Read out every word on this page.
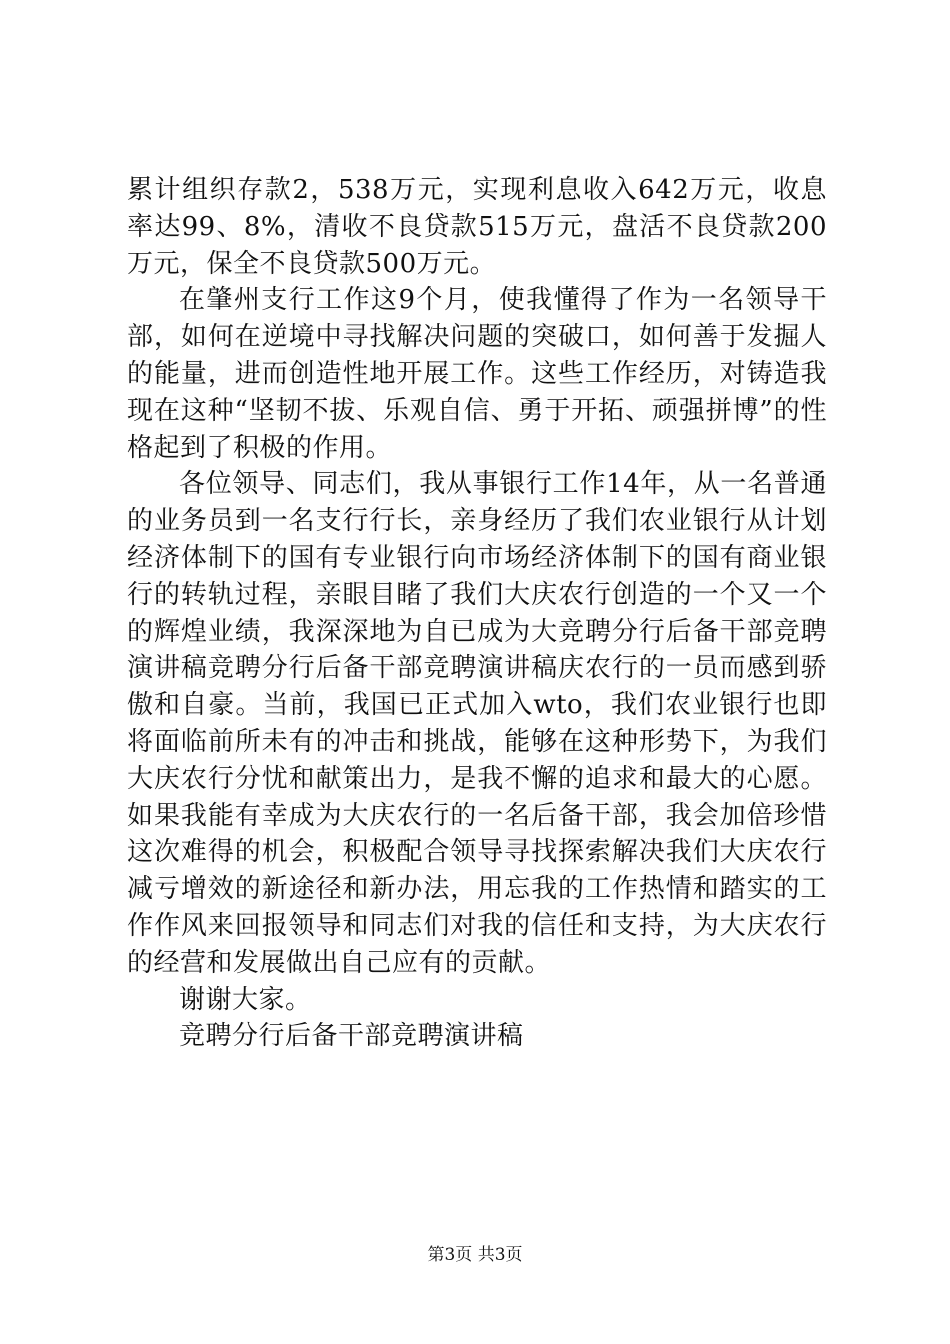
累计组织存款2，538万元，实现利息收入642万元，收息率达99、8%，清收不良贷款515万元，盘活不良贷款200万元，保全不良贷款500万元。

在肇州支行工作这9个月，使我懂得了作为一名领导干部，如何在逆境中寻找解决问题的突破口，如何善于发掘人的能量，进而创造性地开展工作。这些工作经历，对铸造我现在这种“坚韧不拔、乐观自信、勇于开拓、顽强拼博”的性格起到了积极的作用。

各位领导、同志们，我从事银行工作14年，从一名普通的业务员到一名支行行长，亲身经历了我们农业银行从计划经济体制下的国有专业银行向市场经济体制下的国有商业银行的转轨过程，亲眼目睹了我们大庆农行创造的一个又一个的辉煌业绩，我深深地为自已成为大竞聘分行后备干部竞聘演讲稿竞聘分行后备干部竞聘演讲稿庆农行的一员而感到骄傲和自豪。当前，我国已正式加入wto，我们农业银行也即将面临前所未有的冲击和挑战，能够在这种形势下，为我们大庆农行分忧和献策出力，是我不懈的追求和最大的心愿。如果我能有幸成为大庆农行的一名后备干部，我会加倍珍惜这次难得的机会，积极配合领导寻找探索解决我们大庆农行减亏增效的新途径和新办法，用忘我的工作热情和踏实的工作作风来回报领导和同志们对我的信任和支持，为大庆农行的经营和发展做出自己应有的贡献。

谢谢大家。

竞聘分行后备干部竞聘演讲稿

第3页 共3页
